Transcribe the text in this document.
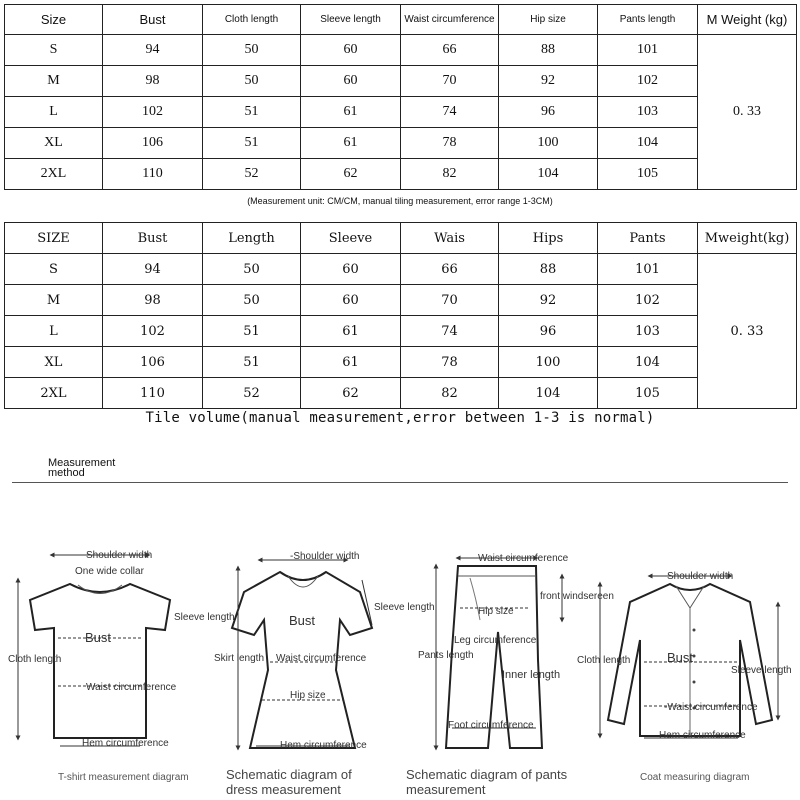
Size	Bust	Cloth length	Sleeve length	Waist circumference	Hip size	Pants length	M Weight (kg)
S	94	50	60	66	88	101	0. 33
M	98	50	60	70	92	102	
L	102	51	61	74	96	103	
XL	106	51	61	78	100	104	
2XL	110	52	62	82	104	105	
(Measurement unit: CM/CM, manual tiling measurement, error range 1-3CM)
SIZE	Bust	Length	Sleeve	Wais	Hips	Pants	Mweight(kg)
S	94	50	60	66	88	101	0. 33
M	98	50	60	70	92	102	
L	102	51	61	74	96	103	
XL	106	51	61	78	100	104	
2XL	110	52	62	82	104	105	
Tile volume(manual measurement,error between 1-3 is normal)
Measurement
method
Shoulder width
One wide collar
Sleeve length
Bust
Cloth length
Waist circumference
Hem circumference
-Shoulder width
Sleeve length
Bust
Skirt length Waist circumference
Hip size
Hem circumference
Waist circumference
front windsereen
Hip size
Leg circumference
Pants length
Inner length
Foot circumference
Shoulder width
Cloth length	Bust
Sleeve length
-Waist circumference
Hem circumference
T-shirt measurement diagram	Schematic diagram of
dress measurement
Schematic diagram of pants
measurement
Coat measuring diagram
